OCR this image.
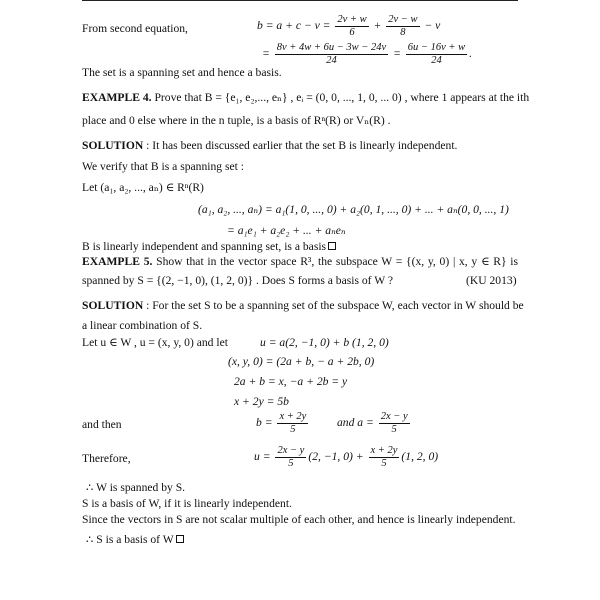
From second equation,	$b = a + c - v = \frac{2v + w}{6} + \frac{2v - w}{8} - v$
= $\frac{8v + 4w + 6u - 3w - 24v}{24} = \frac{6u - 16v + w}{24}$ .
The set is a spanning set and hence a basis.
EXAMPLE 4. Prove that B = {e₁, e₂,..., eₙ} , eᵢ = (0, 0, ..., 1, 0, ... 0) , where 1 appears at the ith
place and 0 else where in the n tuple, is a basis of Rⁿ(R) or Vₙ(R) .
SOLUTION : It has been discussed earlier that the set B is linearly independent.
We verify that B is a spanning set :
Let (a₁, a₂, ..., aₙ) ∈ Rⁿ(R)
(a₁, a₂, ..., aₙ) = a₁(1, 0, ..., 0) + a₂(0, 1, ..., 0) + ... + aₙ(0, 0, ..., 1)
= a₁e₁ + a₂e₂ + ... + aₙeₙ
B is linearly independent and spanning set, is a basis
EXAMPLE 5. Show that in the vector space R³, the subspace W = {(x, y, 0) | x, y ∈ R} is
spanned by S = {(2, −1, 0), (1, 2, 0)} . Does S forms a basis of W ?	(KU 2013)
SOLUTION : For the set S to be a spanning set of the subspace W, each vector in W should be
a linear combination of S.
Let u ∈ W , u = (x, y, 0) and let	u = a(2, −1, 0) + b (1, 2, 0)
(x, y, 0) = (2a + b, − a + 2b, 0)
2a + b = x, −a + 2b = y
x + 2y = 5b
and then	$b = \frac{x + 2y}{5}$ and $a = \frac{2x - y}{5}$
Therefore,	$u = \frac{2x - y}{5} (2$, −1, $0) + \frac{x + 2y}{5} (1$, 2, 0)
∴ W is spanned by S.
S is a basis of W, if it is linearly independent.
Since the vectors in S are not scalar multiple of each other, and hence is linearly independent.
∴ S is a basis of W
